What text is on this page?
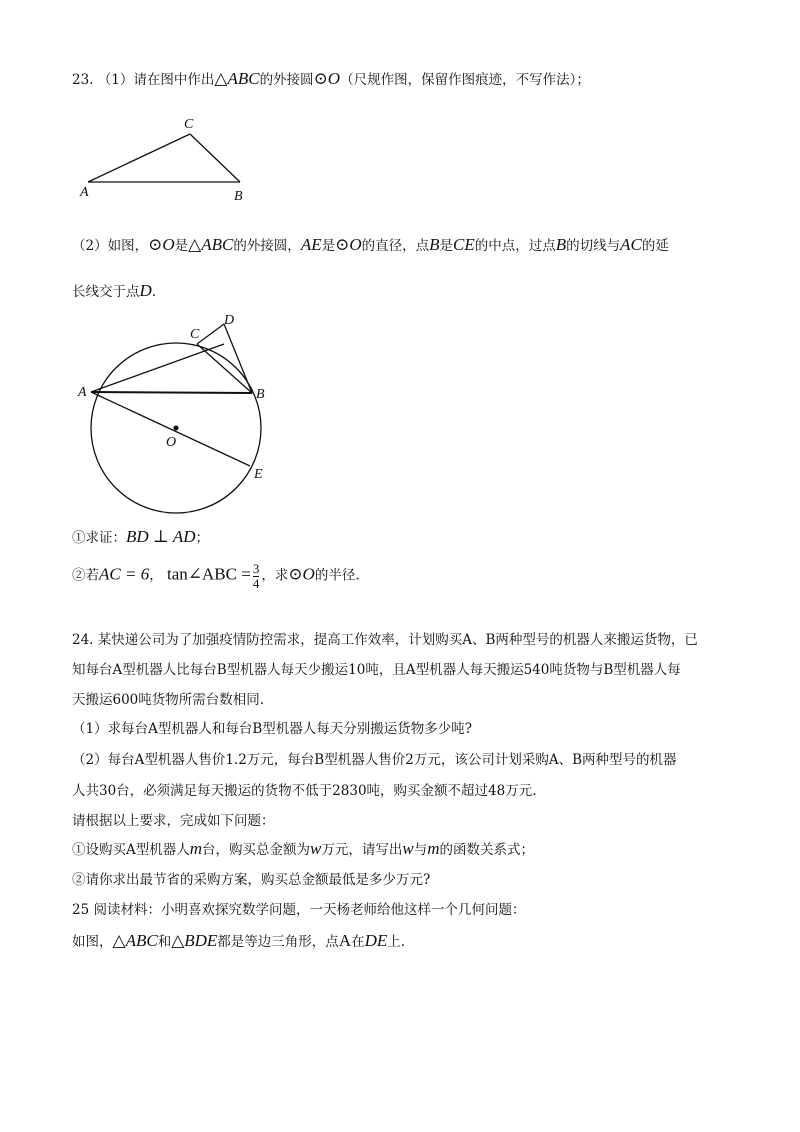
23. （1）请在图中作出△ABC的外接圆⊙O（尺规作图，保留作图痕迹，不写作法）；
C
A	B
（2）如图，⊙O是△ABC的外接圆，AE是⊙O的直径，点B是CE的中点，过点B的切线与AC的延
长线交于点D.
C
D
A	B
O
E
①求证：BD ⊥ AD；
②若AC = 6， tan∠ABC = $\frac{3}{4}$ ，求⊙O的半径.
24. 某快递公司为了加强疫情防控需求，提高工作效率，计划购买A、B两种型号的机器人来搬运货物，已
知每台A型机器人比每台B型机器人每天少搬运10吨，且A型机器人每天搬运540吨货物与B型机器人每
天搬运600吨货物所需台数相同.
（1）求每台A型机器人和每台B型机器人每天分别搬运货物多少吨?
（2）每台A型机器人售价1.2万元，每台B型机器人售价2万元，该公司计划采购A、B两种型号的机器
人共30台，必须满足每天搬运的货物不低于2830吨，购买金额不超过48万元.
请根据以上要求，完成如下问题：
①设购买A型机器人m台，购买总金额为w万元，请写出w与m的函数关系式；
②请你求出最节省的采购方案，购买总金额最低是多少万元?
25 阅读材料：小明喜欢探究数学问题，一天杨老师给他这样一个几何问题：
如图，△ABC和△BDE都是等边三角形，点A在DE上.
